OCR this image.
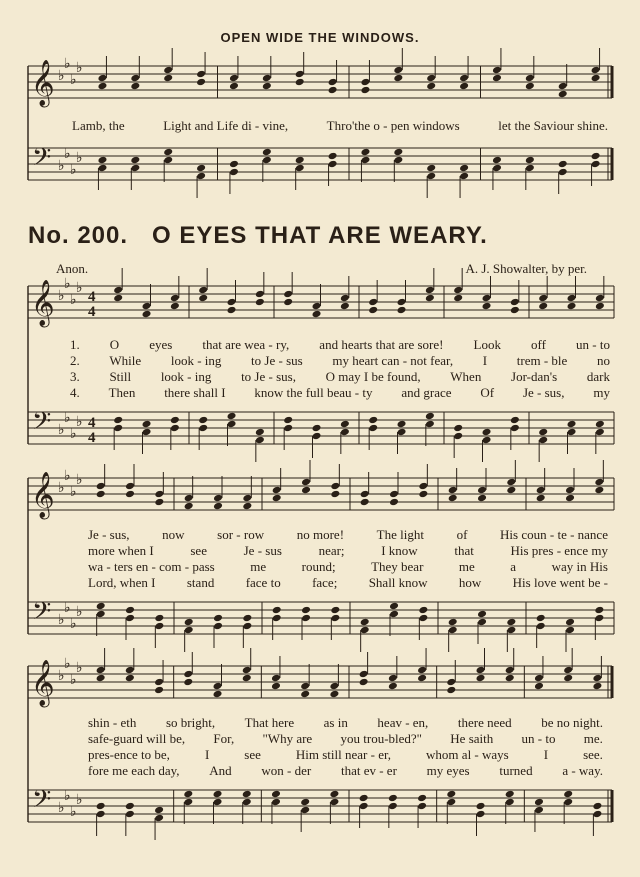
OPEN WIDE THE WINDOWS.
Lamb, the	Light and Life di - vine,	Thro'the o - pen windows	let the Saviour shine.
No. 200. O EYES THAT ARE WEARY.
Anon.	A. J. Showalter, by per.
1. O eyes that are wea - ry, and hearts that are sore! Look off un - to
2. While look - ing to Je - sus my heart can - not fear, I trem - ble no
3. Still look - ing to Je - sus, O may I be found, When Jor-dan's dark
4. Then there shall I know the full beau - ty and grace Of Je - sus, my
Je - sus,	now	sor - row	no more!	The light	of	His coun - te - nance
more when I	see	Je - sus	near;	I know	that	His pres - ence my
wa - ters en - com - pass	me	round;	They bear	me	a	way in His
Lord, when I stand face to face; Shall know how His love went be -
shin - eth so bright, That here as in heav - en, there need be no night.
safe-guard will be, For, "Why are you trou-bled?" He saith un - to me.
pres-ence to be,	I	see	Him still near - er,	whom al - ways	I	see.
fore me each day, And won - der that ev - er my eyes turned a - way.
𝄞
𝄢
♭
♭
♭
♭
♭
♭
♭
♭
𝄞
𝄢
♭
♭
♭
♭
♭
♭
♭
♭
4
4
4
4
𝄞
𝄢
♭
♭
♭
♭
♭
♭
♭
♭
𝄞
𝄢
♭
♭
♭
♭
♭
♭
♭
♭
